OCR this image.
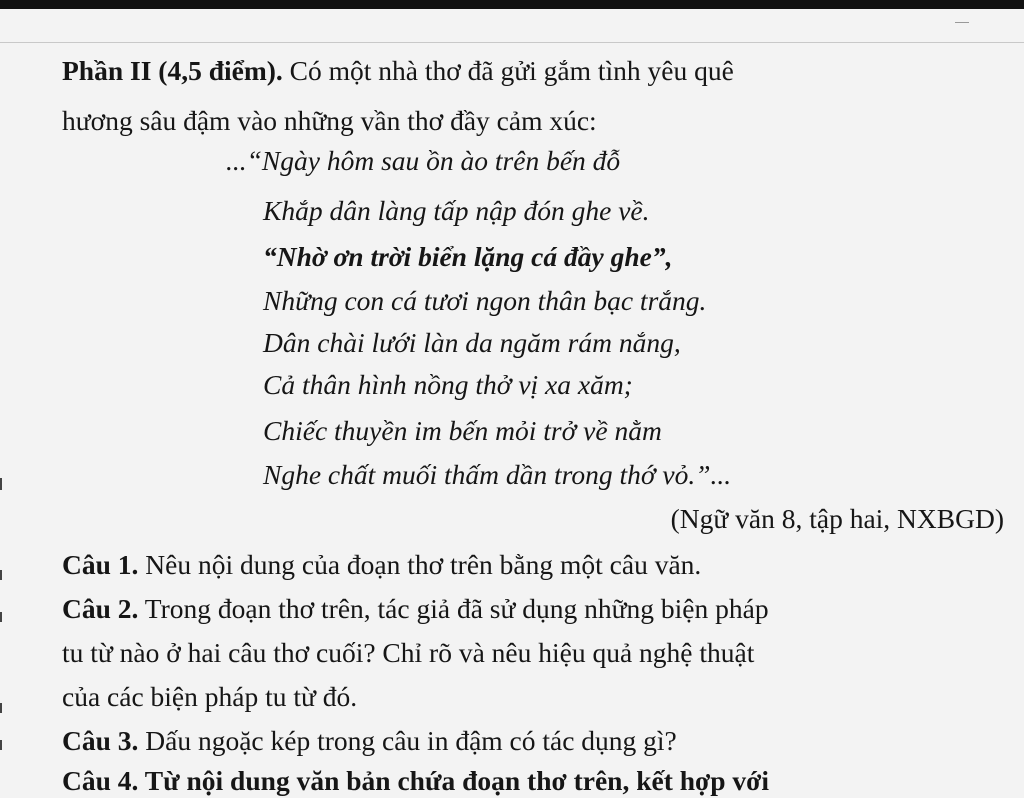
Phần II (4,5 điểm). Có một nhà thơ đã gửi gắm tình yêu quê
hương sâu đậm vào những vần thơ đầy cảm xúc:
...“Ngày hôm sau ồn ào trên bến đỗ
Khắp dân làng tấp nập đón ghe về.
“Nhờ ơn trời biển lặng cá đầy ghe”,
Những con cá tươi ngon thân bạc trắng.
Dân chài lưới làn da ngăm rám nắng,
Cả thân hình nồng thở vị xa xăm;
Chiếc thuyền im bến mỏi trở về nằm
Nghe chất muối thấm dần trong thớ vỏ.”...
(Ngữ văn 8, tập hai, NXBGD)
Câu 1. Nêu nội dung của đoạn thơ trên bằng một câu văn.
Câu 2. Trong đoạn thơ trên, tác giả đã sử dụng những biện pháp
tu từ nào ở hai câu thơ cuối? Chỉ rõ và nêu hiệu quả nghệ thuật
của các biện pháp tu từ đó.
Câu 3. Dấu ngoặc kép trong câu in đậm có tác dụng gì?
Câu 4. Từ nội dung văn bản chứa đoạn thơ trên, kết hợp với
